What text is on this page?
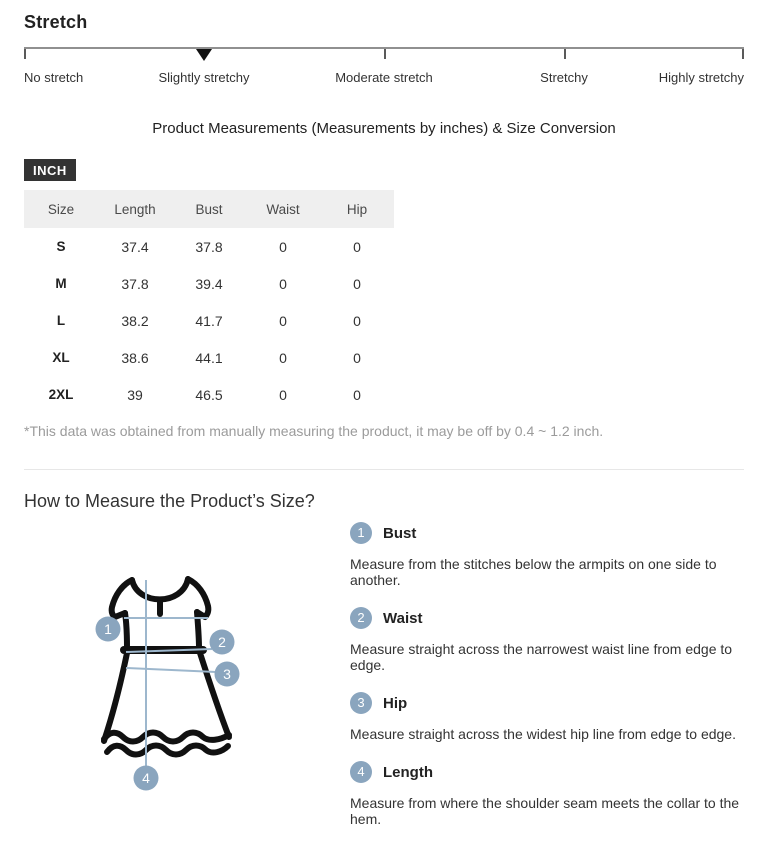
Stretch
No stretch	Slightly stretchy	Moderate stretch	Stretchy	Highly stretchy
Product Measurements (Measurements by inches) & Size Conversion
INCH
Size	Length	Bust	Waist	Hip
S	37.4	37.8	0	0
M	37.8	39.4	0	0
L	38.2	41.7	0	0
XL	38.6	44.1	0	0
2XL	39	46.5	0	0

*This data was obtained from manually measuring the product, it may be off by 0.4 ~ 1.2 inch.

How to Measure the Product’s Size?
1
2
3
4
1	Bust

Measure from the stitches below the armpits on one side to another.

2	Waist

Measure straight across the narrowest waist line from edge to edge.

3	Hip

Measure straight across the widest hip line from edge to edge.

4	Length

Measure from where the shoulder seam meets the collar to the hem.
